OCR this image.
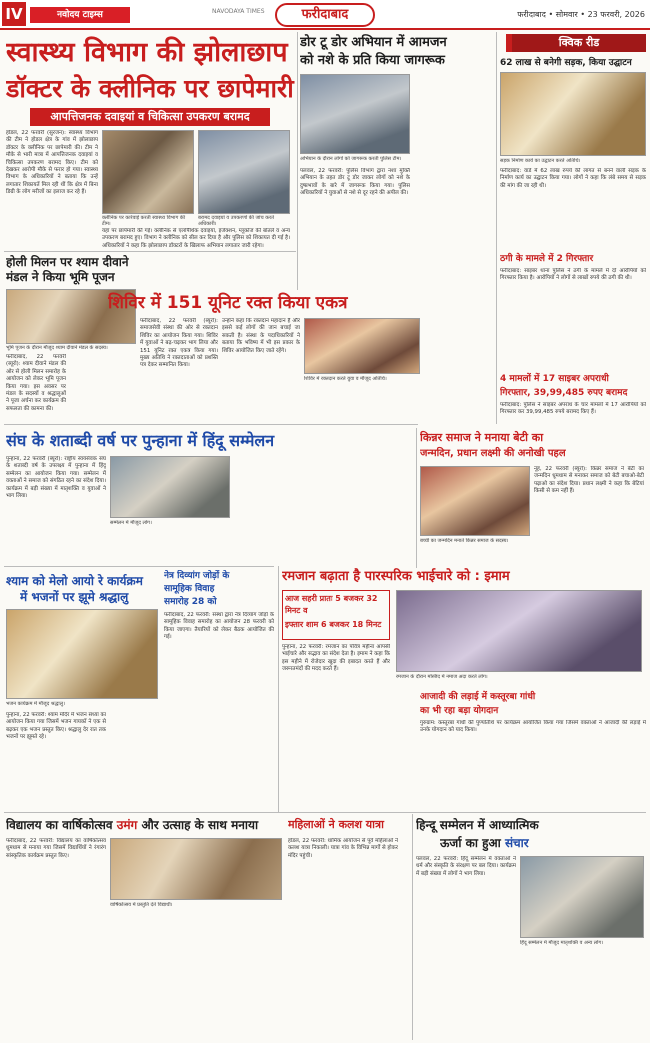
IV	नवोदय टाइम्स	NAVODAYA TIMES	फरीदाबाद	फरीदाबाद • सोमवार • 23 फरवरी, 2026
स्वास्थ्य विभाग की झोलाछाप
डॉक्टर के क्लीनिक पर छापेमारी
आपत्तिजनक दवाइयां व चिकित्सा उपकरण बरामद
होडल, 22 फरवरी (सुरजन): स्वास्थ्य विभाग की टीम ने होडल क्षेत्र के गांव में झोलाछाप डॉक्टर के क्लीनिक पर छापेमारी की। टीम ने मौके से भारी मात्रा में आपत्तिजनक दवाइयां व चिकित्सा उपकरण बरामद किए। टीम को देखकर आरोपी मौके से फरार हो गया। स्वास्थ्य विभाग के अधिकारियों ने बताया कि उन्हें लगातार शिकायतें मिल रही थीं कि क्षेत्र में बिना डिग्री के लोग मरीजों का इलाज कर रहे हैं।
क्लीनिक पर कार्रवाई करती स्वास्थ्य विभाग की टीम।
बरामद दवाइयां व उपकरणों की जांच करते अधिकारी।
यहां पर छापेमारी की गई। क्लीनिक से एलोपैथिक दवाइयां, इंजेक्शन, ग्लूकोज की बोतलें व अन्य उपकरण बरामद हुए। विभाग ने क्लीनिक को सील कर दिया है और पुलिस को शिकायत दी गई है। अधिकारियों ने कहा कि झोलाछाप डॉक्टरों के खिलाफ अभियान लगातार जारी रहेगा।
होली मिलन पर श्याम दीवाने
मंडल ने किया भूमि पूजन
भूमि पूजन के दौरान मौजूद श्याम दीवाने मंडल के सदस्य।
फरीदाबाद, 22 फरवरी (ब्यूरो): श्याम दीवाने मंडल की ओर से होली मिलन समारोह के आयोजन को लेकर भूमि पूजन किया गया। इस अवसर पर मंडल के सदस्यों व श्रद्धालुओं ने पूजा अर्चना कर कार्यक्रम की सफलता की कामना की।
शिविर में 151 यूनिट रक्त किया एकत्र
फरीदाबाद, 22 फरवरी (ब्यूरो): समाजसेवी संस्था की ओर से रक्तदान शिविर का आयोजन किया गया। शिविर में युवाओं ने बढ़-चढ़कर भाग लिया और 151 यूनिट रक्त एकत्र किया गया। मुख्य अतिथि ने रक्तदाताओं को प्रशस्ति पत्र देकर सम्मानित किया।
उन्होंने कहा कि रक्तदान महादान है और इससे कई लोगों की जान बचाई जा सकती है। संस्था के पदाधिकारियों ने बताया कि भविष्य में भी इस प्रकार के शिविर आयोजित किए जाते रहेंगे।
शिविर में रक्तदान करते युवा व मौजूद अतिथि।
संघ के शताब्दी वर्ष पर पुन्हाना में हिंदू सम्मेलन
पुन्हाना, 22 फरवरी (ब्यूरो): राष्ट्रीय स्वयंसेवक संघ के शताब्दी वर्ष के उपलक्ष्य में पुन्हाना में हिंदू सम्मेलन का आयोजन किया गया। सम्मेलन में वक्ताओं ने समाज को संगठित रहने का संदेश दिया। कार्यक्रम में बड़ी संख्या में मातृशक्ति व युवाओं ने भाग लिया।
सम्मेलन में मौजूद लोग।
श्याम को मेलो आयो रे कार्यक्रम
में भजनों पर झूमे श्रद्धालु
भजन कार्यक्रम में मौजूद श्रद्धालु।
पुन्हाना, 22 फरवरी: श्याम मंदिर में भजन संध्या का आयोजन किया गया जिसमें भजन गायकों ने एक से बढ़कर एक भजन प्रस्तुत किए। श्रद्धालु देर रात तक भजनों पर झूमते रहे।
नेत्र दिव्यांग जोड़ों के
सामूहिक विवाह
समारोह 28 को
फरीदाबाद, 22 फरवरी: संस्था द्वारा नेत्र दिव्यांग जोड़ों के सामूहिक विवाह समारोह का आयोजन 28 फरवरी को किया जाएगा। तैयारियों को लेकर बैठक आयोजित की गई।
रमजान बढ़ाता है पारस्परिक भाईचारे को : इमाम
आज सहरी प्रातः 5 बजकर 32 मिनट व
इफ्तार शाम 6 बजकर 18 मिनट
पुन्हाना, 22 फरवरी: रमजान का पवित्र महीना आपसी भाईचारे और सद्भाव का संदेश देता है। इमाम ने कहा कि इस महीने में रोजेदार खुदा की इबादत करते हैं और जरूरतमंदों की मदद करते हैं।
रमजान के दौरान मस्जिद में नमाज अदा करते लोग।
विद्यालय का वार्षिकोत्सव उमंग और उत्साह के साथ मनाया
फरीदाबाद, 22 फरवरी: विद्यालय का वार्षिकोत्सव धूमधाम से मनाया गया जिसमें विद्यार्थियों ने रंगारंग सांस्कृतिक कार्यक्रम प्रस्तुत किए।
वार्षिकोत्सव में प्रस्तुति देते विद्यार्थी।
महिलाओं ने कलश यात्रा
होडल, 22 फरवरी: धार्मिक आयोजन से पूर्व महिलाओं ने कलश यात्रा निकाली। यात्रा गांव के विभिन्न मार्गों से होकर मंदिर पहुंची।
हिन्दू सम्मेलन में आध्यात्मिक
ऊर्जा का हुआ संचार
पलवल, 22 फरवरी: हिंदू सम्मेलन में वक्ताओं ने धर्म और संस्कृति के संरक्षण पर बल दिया। कार्यक्रम में बड़ी संख्या में लोगों ने भाग लिया।
हिंदू सम्मेलन में मौजूद मातृशक्ति व अन्य लोग।
डोर टू डोर अभियान में आमजन
को नशे के प्रति किया जागरूक
अभियान के दौरान लोगों को जागरूक करती पुलिस टीम।
पलवल, 22 फरवरी: पुलिस विभाग द्वारा नशा मुक्ति अभियान के तहत डोर टू डोर जाकर लोगों को नशे के दुष्प्रभावों के बारे में जागरूक किया गया। पुलिस अधिकारियों ने युवाओं से नशे से दूर रहने की अपील की।
किन्नर समाज ने मनाया बेटी का
जन्मदिन, प्रधान लक्ष्मी की अनोखी पहल
बच्ची का जन्मदिन मनाते किन्नर समाज के सदस्य।
नूंह, 22 फरवरी (ब्यूरो): किन्नर समाज ने बेटी का जन्मदिन धूमधाम से मनाकर समाज को बेटी बचाओ-बेटी पढ़ाओ का संदेश दिया। प्रधान लक्ष्मी ने कहा कि बेटियां किसी से कम नहीं हैं।
क्विक रीड
62 लाख से बनेगी सड़क, किया उद्घाटन
सड़क निर्माण कार्य का उद्घाटन करते अतिथि।
फरीदाबाद: वार्ड में 62 लाख रुपये की लागत से बनने वाली सड़क के निर्माण कार्य का उद्घाटन किया गया। लोगों ने कहा कि लंबे समय से सड़क की मांग की जा रही थी।
ठगी के मामले में 2 गिरफ्तार
फरीदाबाद: साइबर थाना पुलिस ने ठगी के मामले में दो आरोपियों को गिरफ्तार किया है। आरोपियों ने लोगों से लाखों रुपये की ठगी की थी।
4 मामलों में 17 साइबर अपराधी
गिरफ्तार, 39,99,485 रुपए बरामद
फरीदाबाद: पुलिस ने साइबर अपराध के चार मामलों में 17 आरोपियों को गिरफ्तार कर 39,99,485 रुपये बरामद किए हैं।
आजादी की लड़ाई में कस्तूरबा गांधी
का भी रहा बड़ा योगदान
गुरुग्राम: कस्तूरबा गांधी की पुण्यतिथि पर कार्यक्रम आयोजित किया गया जिसमें वक्ताओं ने आजादी की लड़ाई में उनके योगदान को याद किया।
